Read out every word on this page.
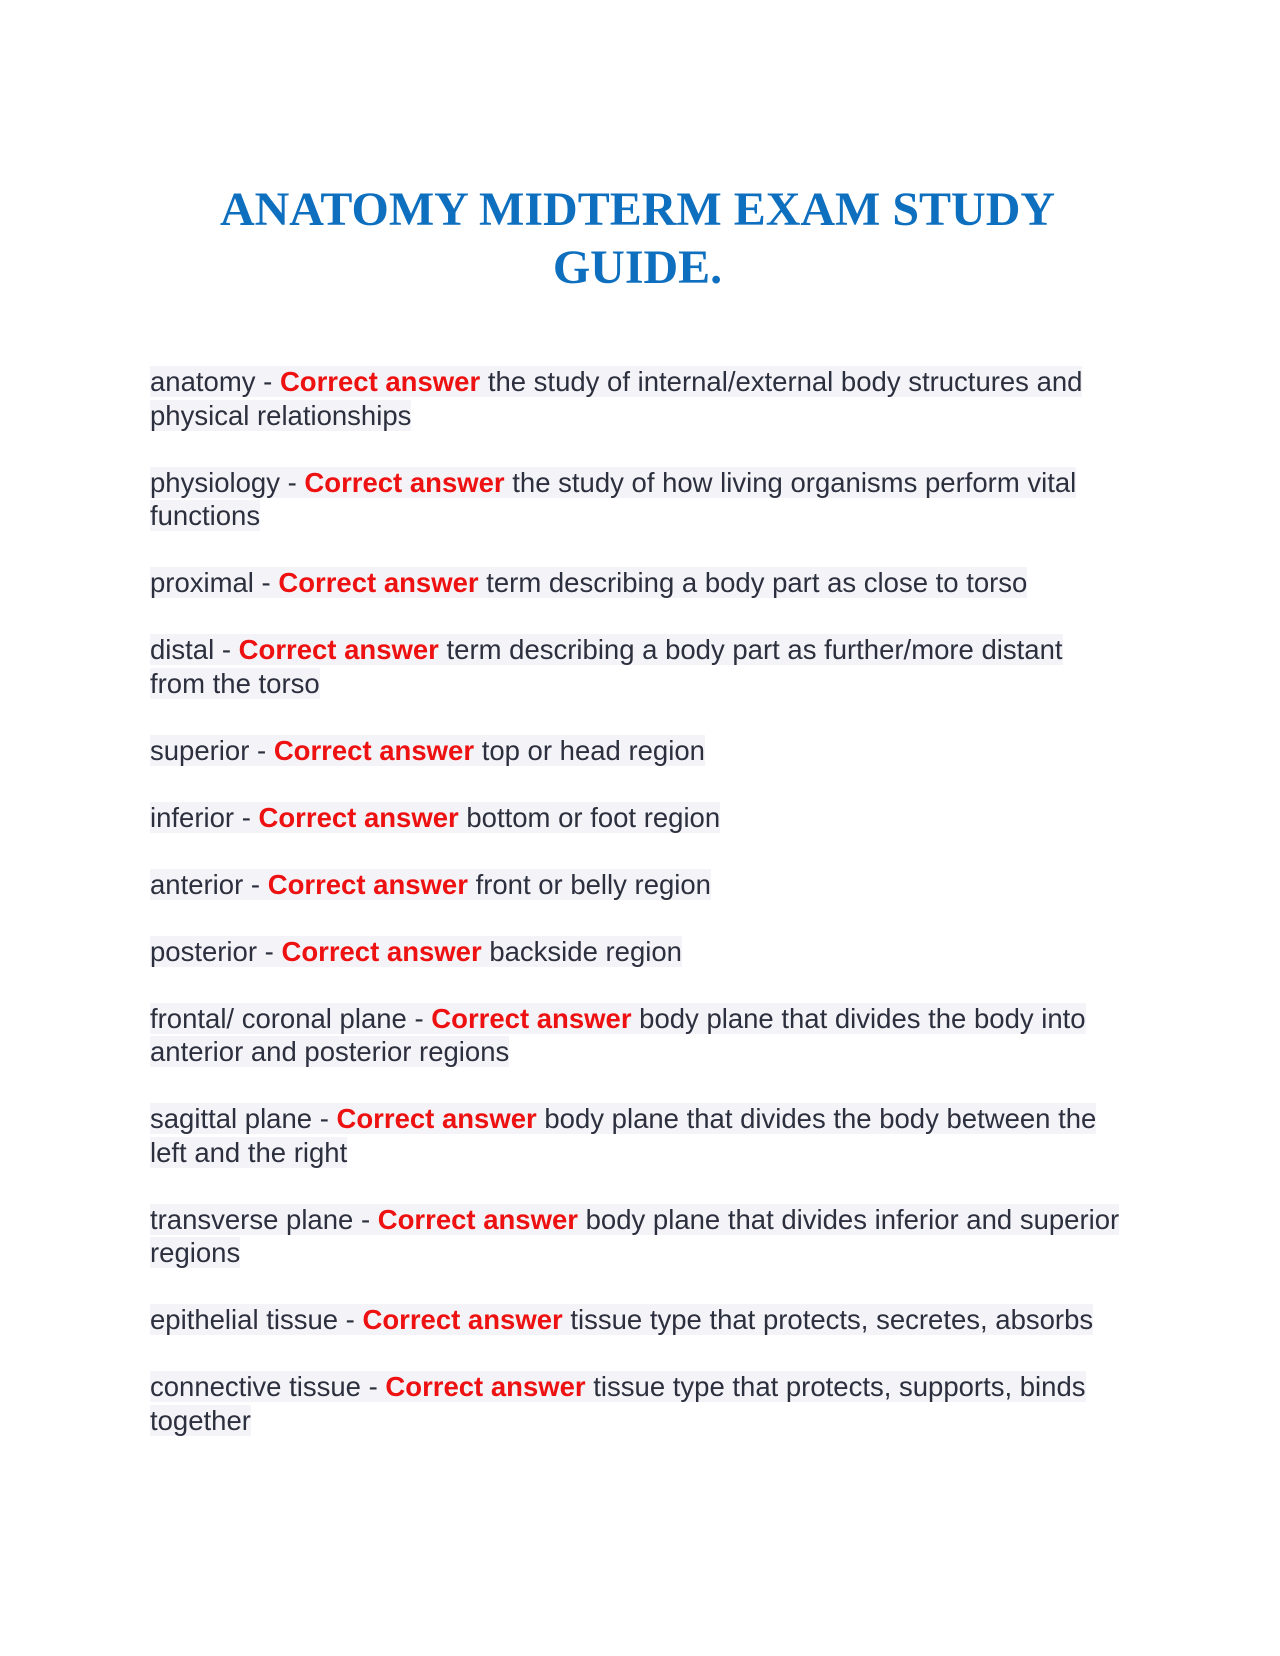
ANATOMY MIDTERM EXAM STUDY GUIDE.

anatomy - Correct answer the study of internal/external body structures and physical relationships

physiology - Correct answer the study of how living organisms perform vital functions

proximal - Correct answer term describing a body part as close to torso

distal - Correct answer term describing a body part as further/more distant from the torso

superior - Correct answer top or head region

inferior - Correct answer bottom or foot region

anterior - Correct answer front or belly region

posterior - Correct answer backside region

frontal/ coronal plane - Correct answer body plane that divides the body into anterior and posterior regions

sagittal plane - Correct answer body plane that divides the body between the left and the right

transverse plane - Correct answer body plane that divides inferior and superior regions

epithelial tissue - Correct answer tissue type that protects, secretes, absorbs

connective tissue - Correct answer tissue type that protects, supports, binds together
